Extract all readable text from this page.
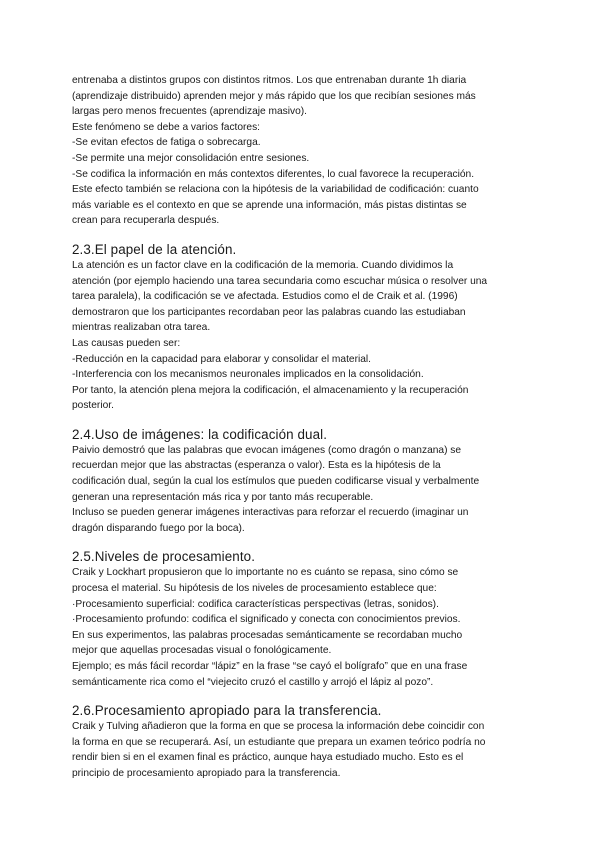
entrenaba a distintos grupos con distintos ritmos. Los que entrenaban durante 1h diaria

(aprendizaje distribuido) aprenden mejor y más rápido que los que recibían sesiones más

largas pero menos frecuentes (aprendizaje masivo).

Este fenómeno se debe a varios factores:

-Se evitan efectos de fatiga o sobrecarga.

-Se permite una mejor consolidación entre sesiones.

-Se codifica la información en más contextos diferentes, lo cual favorece la recuperación.

Este efecto también se relaciona con la hipótesis de la variabilidad de codificación: cuanto

más variable es el contexto en que se aprende una información, más pistas distintas se

crean para recuperarla después.

2.3.El papel de la atención.

La atención es un factor clave en la codificación de la memoria. Cuando dividimos la

atención (por ejemplo haciendo una tarea secundaria como escuchar música o resolver una

tarea paralela), la codificación se ve afectada. Estudios como el de Craik et al. (1996)

demostraron que los participantes recordaban peor las palabras cuando las estudiaban

mientras realizaban otra tarea.

Las causas pueden ser:

-Reducción en la capacidad para elaborar y consolidar el material.

-Interferencia con los mecanismos neuronales implicados en la consolidación.

Por tanto, la atención plena mejora la codificación, el almacenamiento y la recuperación

posterior.

2.4.Uso de imágenes: la codificación dual.

Paivio demostró que las palabras que evocan imágenes (como dragón o manzana) se

recuerdan mejor que las abstractas (esperanza o valor). Esta es la hipótesis de la

codificación dual, según la cual los estímulos que pueden codificarse visual y verbalmente

generan una representación más rica y por tanto más recuperable.

Incluso se pueden generar imágenes interactivas para reforzar el recuerdo (imaginar un

dragón disparando fuego por la boca).

2.5.Niveles de procesamiento.

Craik y Lockhart propusieron que lo importante no es cuánto se repasa, sino cómo se

procesa el material. Su hipótesis de los niveles de procesamiento establece que:

·Procesamiento superficial: codifica características perspectivas (letras, sonidos).

·Procesamiento profundo: codifica el significado y conecta con conocimientos previos.

En sus experimentos, las palabras procesadas semánticamente se recordaban mucho

mejor que aquellas procesadas visual o fonológicamente.

Ejemplo; es más fácil recordar “lápiz” en la frase “se cayó el bolígrafo” que en una frase

semánticamente rica como el “viejecito cruzó el castillo y arrojó el lápiz al pozo”.

2.6.Procesamiento apropiado para la transferencia.

Craik y Tulving añadieron que la forma en que se procesa la información debe coincidir con

la forma en que se recuperará. Así, un estudiante que prepara un examen teórico podría no

rendir bien si en el examen final es práctico, aunque haya estudiado mucho. Esto es el

principio de procesamiento apropiado para la transferencia.
